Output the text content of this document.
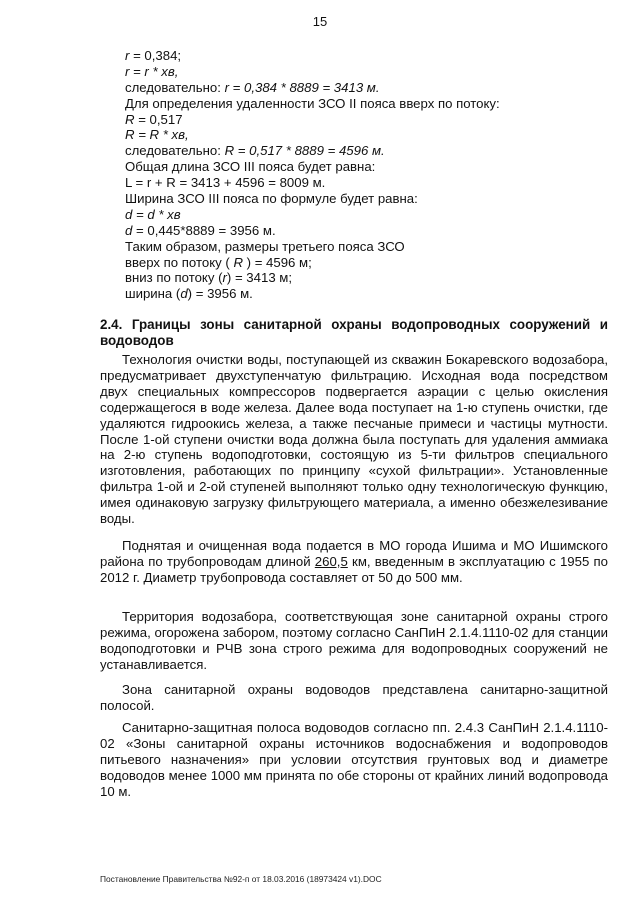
15
r = 0,384;
r = r * хв,
следовательно: r = 0,384 * 8889 = 3413 м.
Для определения удаленности ЗСО II пояса вверх по потоку:
R = 0,517
R = R * хв,
следовательно: R = 0,517 * 8889 = 4596 м.
Общая длина ЗСО III пояса будет равна:
L = r + R = 3413 + 4596 = 8009 м.
Ширина ЗСО III пояса по формуле будет равна:
d = d * хв
d = 0,445*8889 = 3956 м.
Таким образом, размеры третьего пояса ЗСО
вверх по потоку ( R ) = 4596 м;
вниз по потоку (r) = 3413 м;
ширина (d) = 3956 м.
2.4. Границы зоны санитарной охраны водопроводных сооружений и водоводов

Технология очистки воды, поступающей из скважин Бокаревского водозабора, предусматривает двухступенчатую фильтрацию. Исходная вода посредством двух специальных компрессоров подвергается аэрации с целью окисления содержащегося в воде железа. Далее вода поступает на 1-ю ступень очистки, где удаляются гидроокись железа, а также песчаные примеси и частицы мутности. После 1-ой ступени очистки вода должна была поступать для удаления аммиака на 2-ю ступень водоподготовки, состоящую из 5-ти фильтров специального изготовления, работающих по принципу «сухой фильтрации». Установленные фильтра 1-ой и 2-ой ступеней выполняют только одну технологическую функцию, имея одинаковую загрузку фильтрующего материала, а именно обезжелезивание воды.

Поднятая и очищенная вода подается в МО города Ишима и МО Ишимского района по трубопроводам длиной 260,5 км, введенным в эксплуатацию с 1955 по 2012 г. Диаметр трубопровода составляет от 50 до 500 мм.

Территория водозабора, соответствующая зоне санитарной охраны строго режима, огорожена забором, поэтому согласно СанПиН 2.1.4.1110-02 для станции водоподготовки и РЧВ зона строго режима для водопроводных сооружений не устанавливается.

Зона санитарной охраны водоводов представлена санитарно-защитной полосой.

Санитарно-защитная полоса водоводов согласно пп. 2.4.3 СанПиН 2.1.4.1110-02 «Зоны санитарной охраны источников водоснабжения и водопроводов питьевого назначения» при условии отсутствия грунтовых вод и диаметре водоводов менее 1000 мм принята по обе стороны от крайних линий водопровода 10 м.

Постановление Правительства №92-п от 18.03.2016 (18973424 v1).DOC
